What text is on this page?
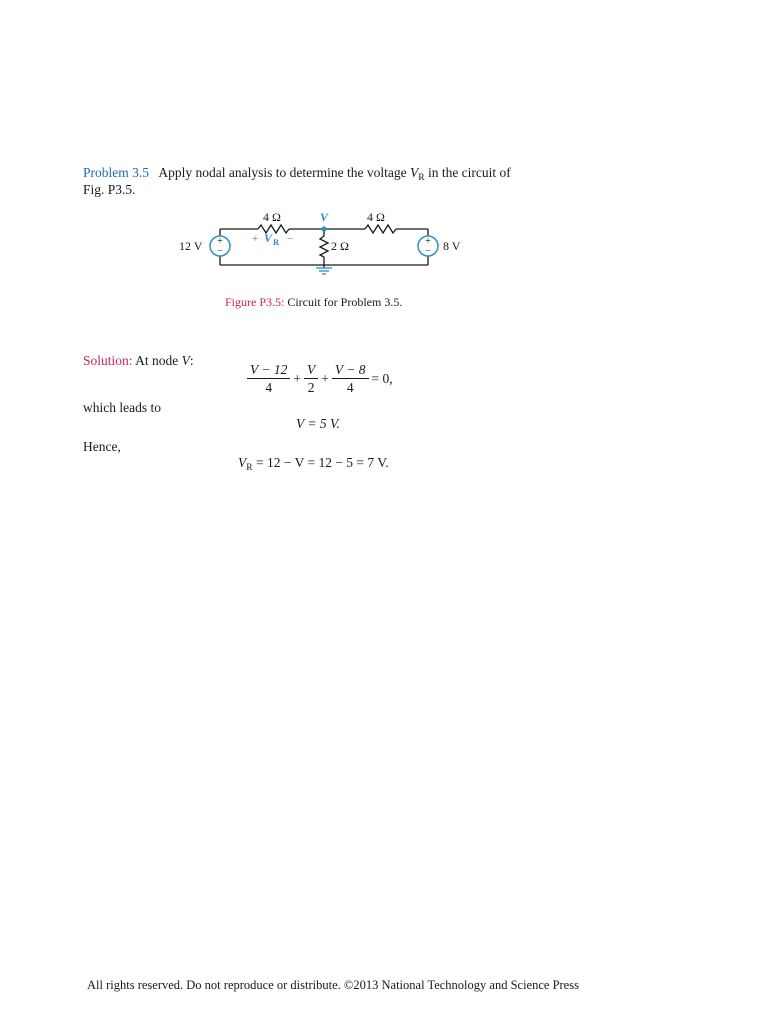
Problem 3.5 Apply nodal analysis to determine the voltage $V_R$ in the circuit of
Fig. P3.5.
+
−
+
−
4 Ω	4 Ω
V
2 Ω
12 V	8 V
+ V R −
Figure P3.5: Circuit for Problem 3.5.
Solution: At node V:
$\frac{V - 12}{4} + \frac{V}{2} + \frac{V - 8}{4} = 0$,
which leads to
V = 5 V.
Hence,
$V_R = 12 - V = 12 - 5 = 7$ V.
All rights reserved. Do not reproduce or distribute. ©2013 National Technology and Science Press
